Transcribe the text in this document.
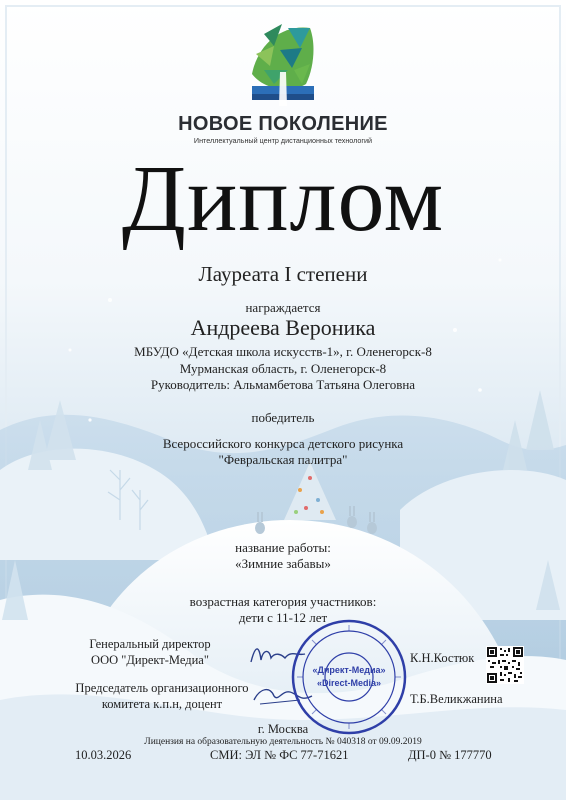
НОВОЕ ПОКОЛЕНИЕ
Интеллектуальный центр дистанционных технологий
Диплом
Лауреата I степени
награждается
Андреева Вероника
МБУДО «Детская школа искусств-1», г. Оленегорск-8
Мурманская область, г. Оленегорск-8
Руководитель: Альмамбетова Татьяна Олеговна
победитель
Всероссийского конкурса детского рисунка
"Февральская палитра"
название работы:
«Зимние забавы»
возрастная категория участников:
дети с 11-12 лет
Генеральный директор
ООО "Директ-Медиа"
Председатель организационного
комитета к.п.н, доцент
«Директ-Медиа»
«Direct-Media»
К.Н.Костюк
Т.Б.Великжанина
г. Москва
Лицензия на образовательную деятельность № 040318 от 09.09.2019
10.03.2026	СМИ: ЭЛ № ФС 77-71621	ДП-0 № 177770
